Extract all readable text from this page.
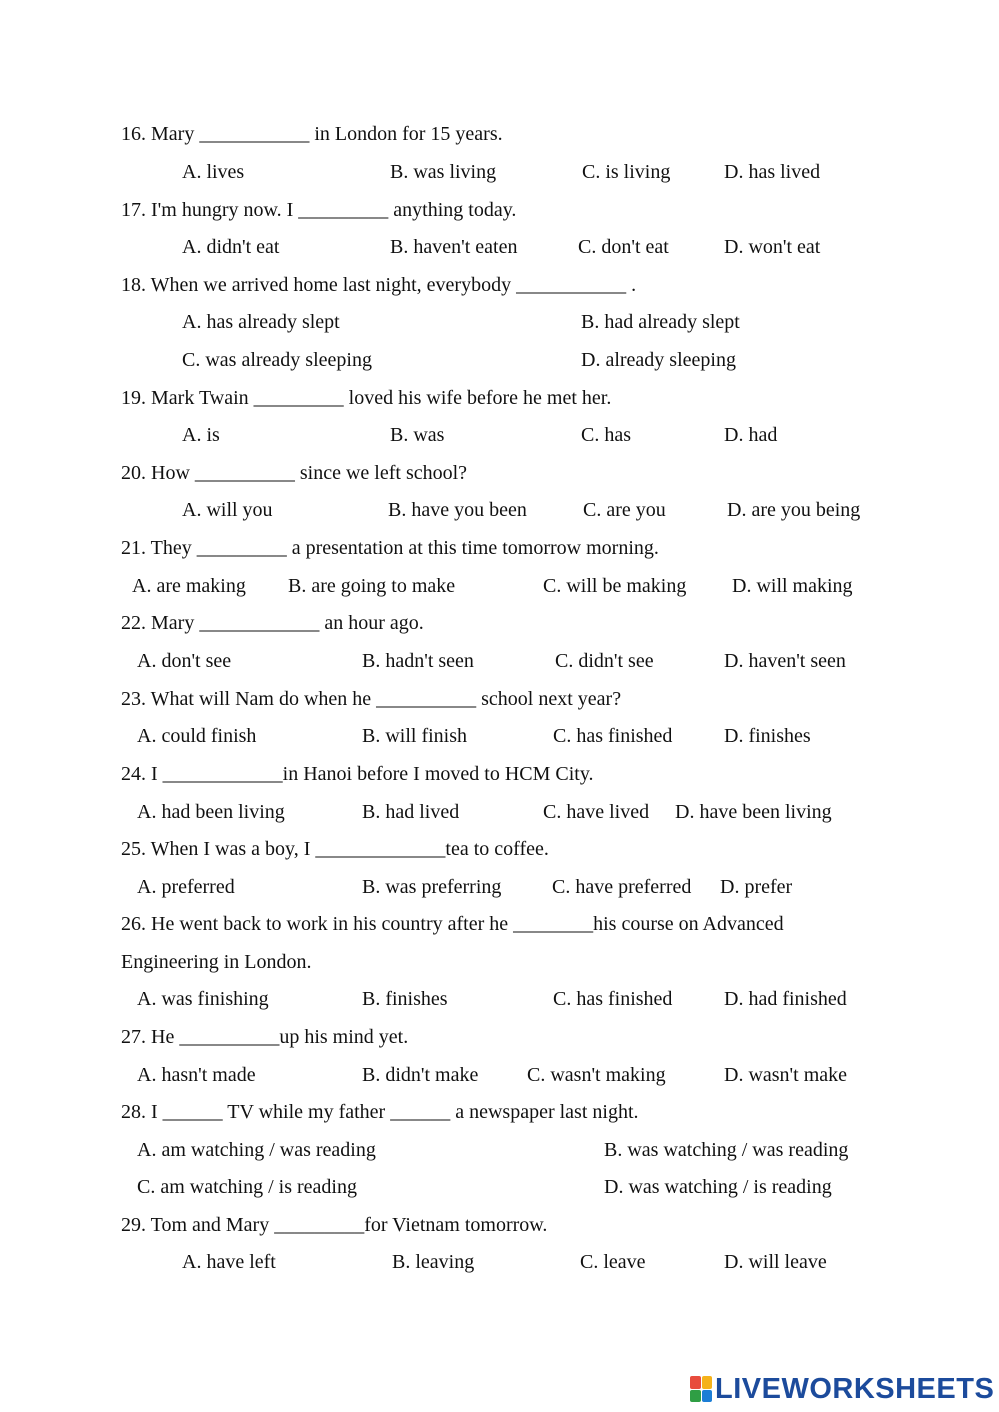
16. Mary ___________ in London for 15 years.
A. lives	B. was living	C. is living	D. has lived
17. I'm hungry now. I _________ anything today.
A. didn't eat	B. haven't eaten	C. don't eat	D. won't eat
18. When we arrived home last night, everybody ___________ .
A. has already slept	B. had already slept
C. was already sleeping	D. already sleeping
19. Mark Twain _________ loved his wife before he met her.
A. is	B. was	C. has	D. had
20. How __________ since we left school?
A. will you	B. have you been	C. are you	D. are you being
21. They _________ a presentation at this time tomorrow morning.
A. are making B. are going to make	C. will be making D. will making
22. Mary ____________ an hour ago.
A. don't see	B. hadn't seen	C. didn't see	D. haven't seen
23. What will Nam do when he __________ school next year?
A. could finish	B. will finish	C. has finished	D. finishes
24. I ____________in Hanoi before I moved to HCM City.
A. had been living	B. had lived	C. have lived D. have been living
25. When I was a boy, I _____________tea to coffee.
A. preferred	B. was preferring	C. have preferred D. prefer
26. He went back to work in his country after he ________his course on Advanced
Engineering in London.
A. was finishing	B. finishes	C. has finished	D. had finished
27. He __________up his mind yet.
A. hasn't made	B. didn't make C. wasn't making	D. wasn't make
28. I ______ TV while my father ______ a newspaper last night.
A. am watching / was reading	B. was watching / was reading
C. am watching / is reading	D. was watching / is reading
29. Tom and Mary _________for Vietnam tomorrow.
A. have left	B. leaving	C. leave	D. will leave
LIVEWORKSHEETS
